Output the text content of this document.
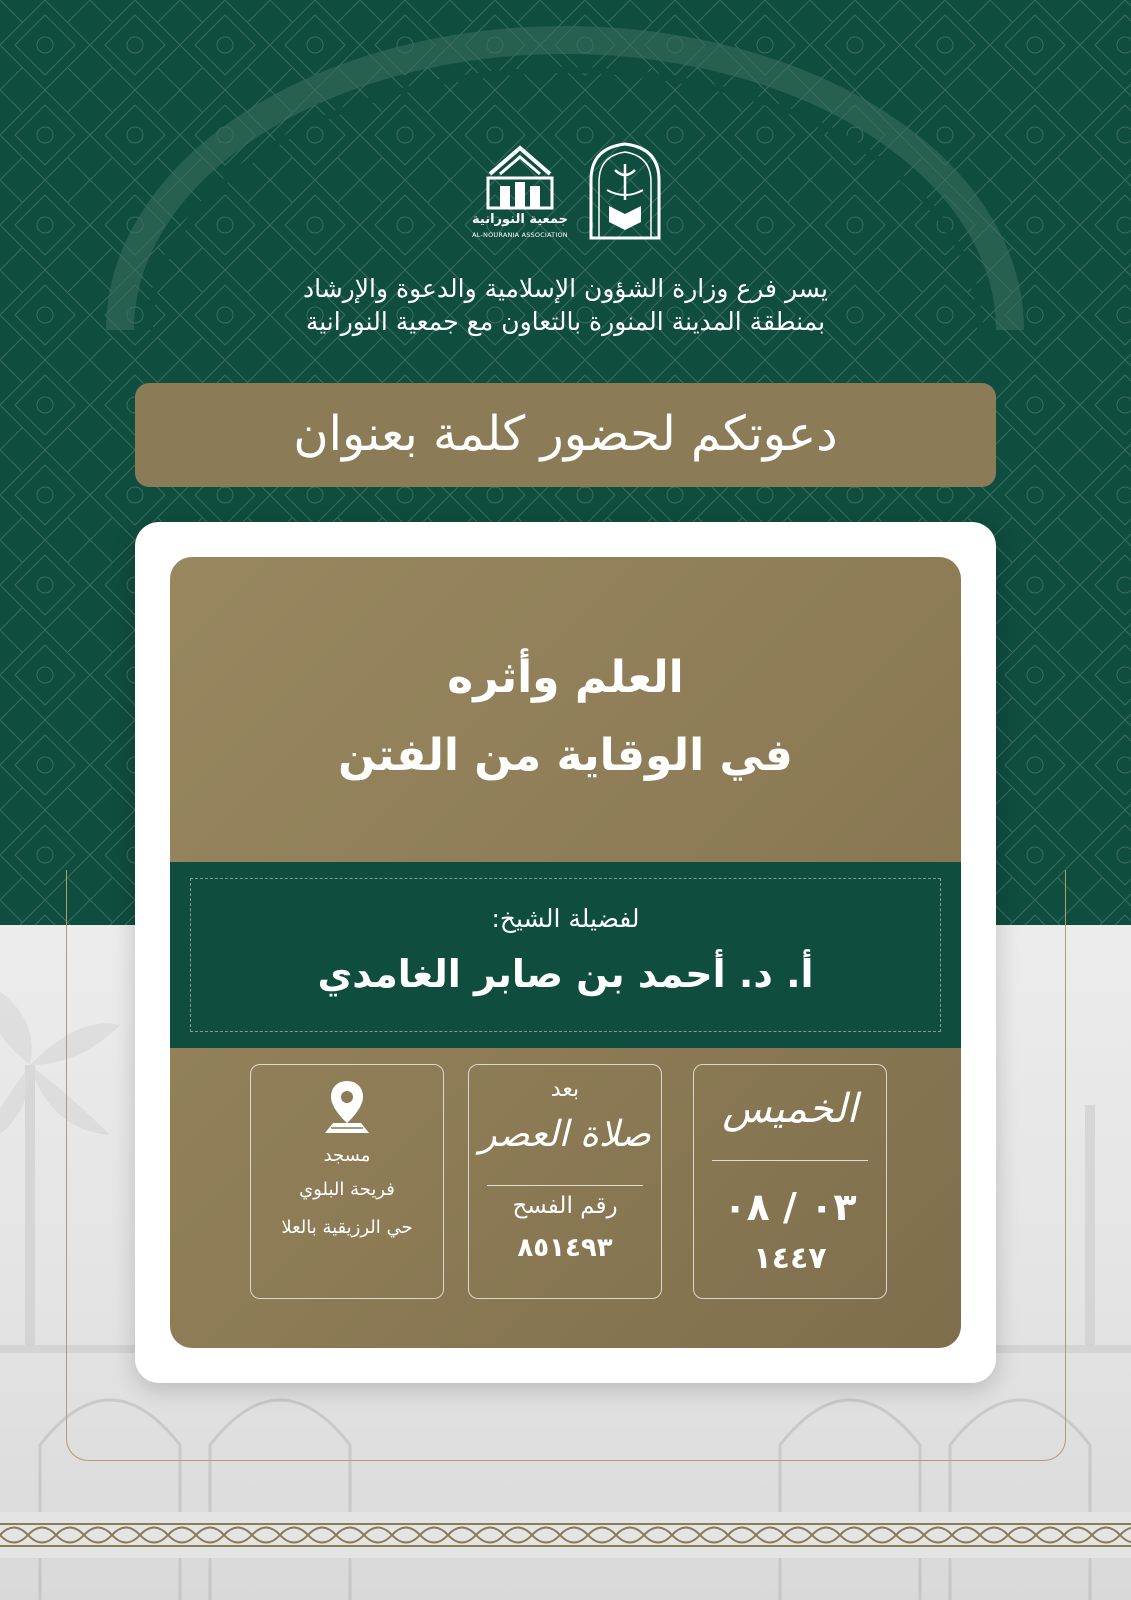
جمعية النورانية
AL-NOURANIA ASSOCIATION
يسر فرع وزارة الشؤون الإسلامية والدعوة والإرشاد
بمنطقة المدينة المنورة بالتعاون مع جمعية النورانية
دعوتكم لحضور كلمة بعنوان
العلم وأثره
في الوقاية من الفتن
لفضيلة الشيخ:
أ. د. أحمد بن صابر الغامدي
الخميس
٠٣ / ٠٨
١٤٤٧
بعد
صلاة العصر
رقم الفسح
٨٥١٤٩٣
مسجد
فريحة البلوي
حي الرزيقية بالعلا
